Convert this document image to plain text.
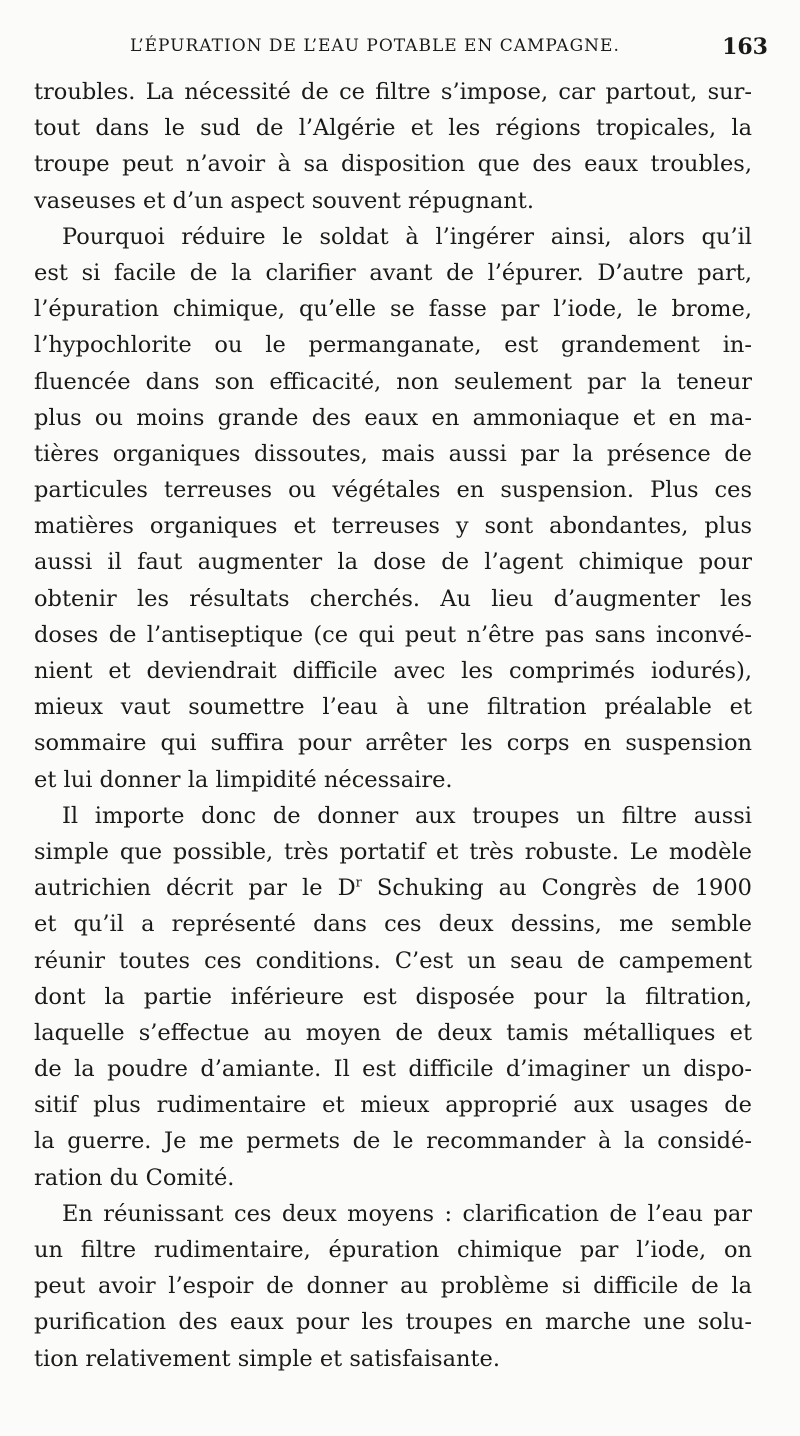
L’ÉPURATION DE L’EAU POTABLE EN CAMPAGNE.	163
troubles. La nécessité de ce filtre s’impose, car partout, sur-
tout dans le sud de l’Algérie et les régions tropicales, la
troupe peut n’avoir à sa disposition que des eaux troubles,
vaseuses et d’un aspect souvent répugnant.
Pourquoi réduire le soldat à l’ingérer ainsi, alors qu’il
est si facile de la clarifier avant de l’épurer. D’autre part,
l’épuration chimique, qu’elle se fasse par l’iode, le brome,
l’hypochlorite ou le permanganate, est grandement in-
fluencée dans son efficacité, non seulement par la teneur
plus ou moins grande des eaux en ammoniaque et en ma-
tières organiques dissoutes, mais aussi par la présence de
particules terreuses ou végétales en suspension. Plus ces
matières organiques et terreuses y sont abondantes, plus
aussi il faut augmenter la dose de l’agent chimique pour
obtenir les résultats cherchés. Au lieu d’augmenter les
doses de l’antiseptique (ce qui peut n’être pas sans inconvé-
nient et deviendrait difficile avec les comprimés iodurés),
mieux vaut soumettre l’eau à une filtration préalable et
sommaire qui suffira pour arrêter les corps en suspension
et lui donner la limpidité nécessaire.
Il importe donc de donner aux troupes un filtre aussi
simple que possible, très portatif et très robuste. Le modèle
autrichien décrit par le $D^r$ Schuking au Congrès de 1900
et qu’il a représenté dans ces deux dessins, me semble
réunir toutes ces conditions. C’est un seau de campement
dont la partie inférieure est disposée pour la filtration,
laquelle s’effectue au moyen de deux tamis métalliques et
de la poudre d’amiante. Il est difficile d’imaginer un dispo-
sitif plus rudimentaire et mieux approprié aux usages de
la guerre. Je me permets de le recommander à la considé-
ration du Comité.
En réunissant ces deux moyens : clarification de l’eau par
un filtre rudimentaire, épuration chimique par l’iode, on
peut avoir l’espoir de donner au problème si difficile de la
purification des eaux pour les troupes en marche une solu-
tion relativement simple et satisfaisante.
